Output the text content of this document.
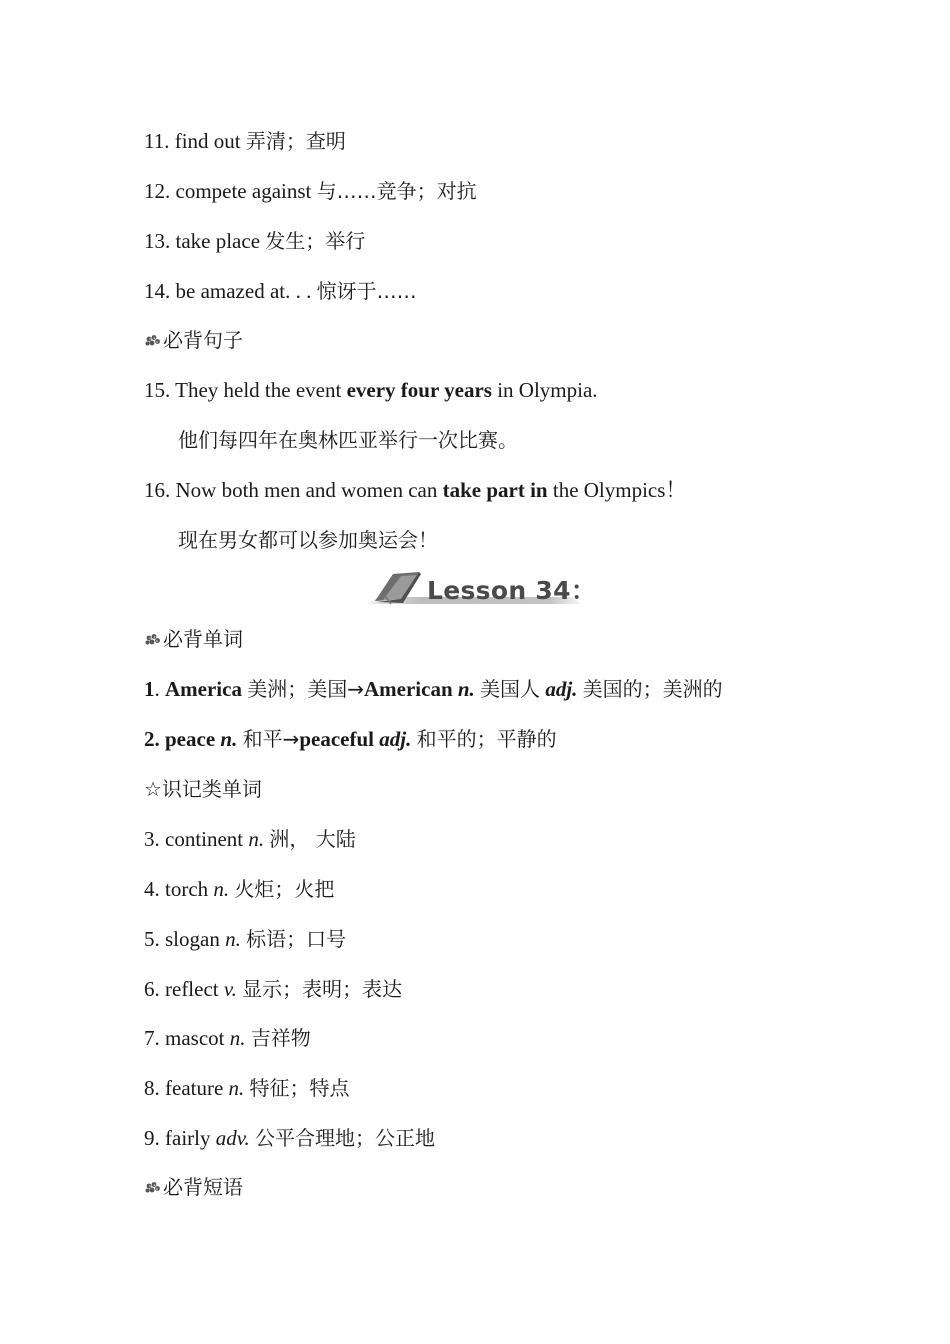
11. find out 弄清；查明
12. compete against 与……竞争；对抗
13. take place 发生；举行
14. be amazed at. . . 惊讶于……
必背句子
15. They held the event every four years in Olympia.
他们每四年在奥林匹亚举行一次比赛。
16. Now both men and women can take part in the Olympics！
现在男女都可以参加奥运会！
Lesson 34：
必背单词
1. America 美洲；美国→American n. 美国人 adj. 美国的；美洲的
2. peace n. 和平→peaceful adj. 和平的；平静的
☆识记类单词
3. continent n. 洲， 大陆
4. torch n. 火炬；火把
5. slogan n. 标语；口号
6. reflect v. 显示；表明；表达
7. mascot n. 吉祥物
8. feature n. 特征；特点
9. fairly adv. 公平合理地；公正地
必背短语
